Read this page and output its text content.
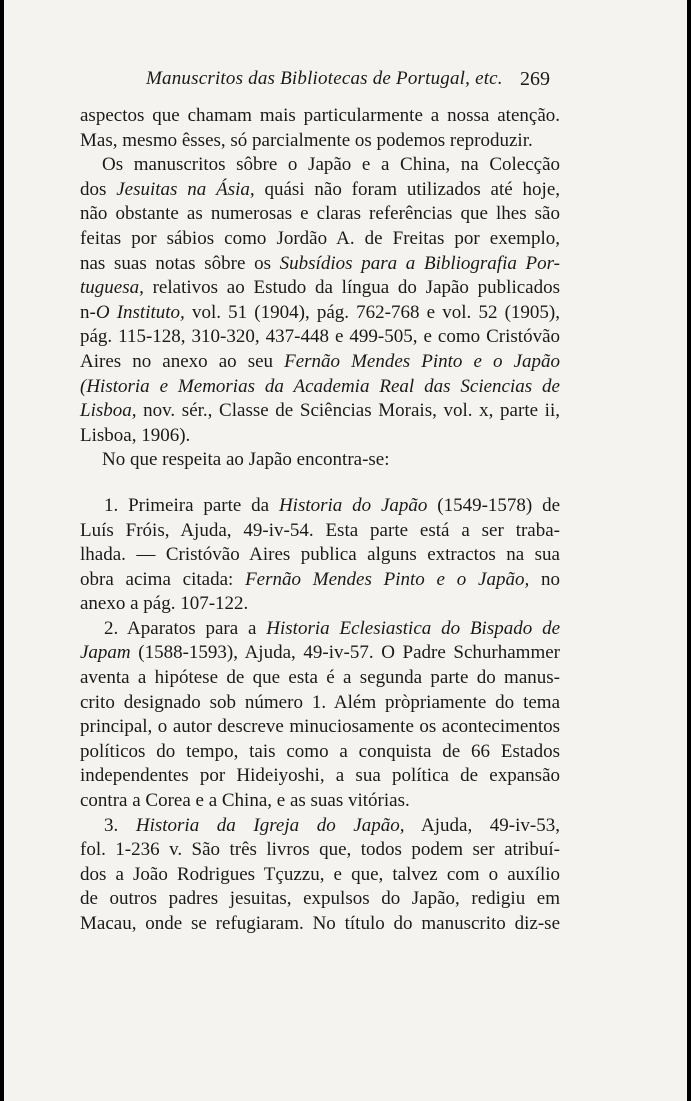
Manuscritos das Bibliotecas de Portugal, etc. 269
aspectos que chamam mais particularmente a nossa atenção.
Mas, mesmo êsses, só parcialmente os podemos reproduzir.
Os manuscritos sôbre o Japão e a China, na Colecção
dos Jesuitas na Ásia, quási não foram utilizados até hoje,
não obstante as numerosas e claras referências que lhes são
feitas por sábios como Jordão A. de Freitas por exemplo,
nas suas notas sôbre os Subsídios para a Bibliografia Por-
tuguesa, relativos ao Estudo da língua do Japão publicados
n-O Instituto, vol. 51 (1904), pág. 762-768 e vol. 52 (1905),
pág. 115-128, 310-320, 437-448 e 499-505, e como Cristóvão
Aires no anexo ao seu Fernão Mendes Pinto e o Japão
(Historia e Memorias da Academia Real das Sciencias de
Lisboa, nov. sér., Classe de Sciências Morais, vol. x, parte ii,
Lisboa, 1906).
No que respeita ao Japão encontra-se:
1. Primeira parte da Historia do Japão (1549-1578) de
Luís Fróis, Ajuda, 49-iv-54. Esta parte está a ser traba-
lhada. — Cristóvão Aires publica alguns extractos na sua
obra acima citada: Fernão Mendes Pinto e o Japão, no
anexo a pág. 107-122.
2. Aparatos para a Historia Eclesiastica do Bispado de
Japam (1588-1593), Ajuda, 49-iv-57. O Padre Schurhammer
aventa a hipótese de que esta é a segunda parte do manus-
crito designado sob número 1. Além pròpriamente do tema
principal, o autor descreve minuciosamente os acontecimentos
políticos do tempo, tais como a conquista de 66 Estados
independentes por Hideiyoshi, a sua política de expansão
contra a Corea e a China, e as suas vitórias.
3. Historia da Igreja do Japão, Ajuda, 49-iv-53,
fol. 1-236 v. São três livros que, todos podem ser atribuí-
dos a João Rodrigues Tçuzzu, e que, talvez com o auxílio
de outros padres jesuitas, expulsos do Japão, redigiu em
Macau, onde se refugiaram. No título do manuscrito diz-se
